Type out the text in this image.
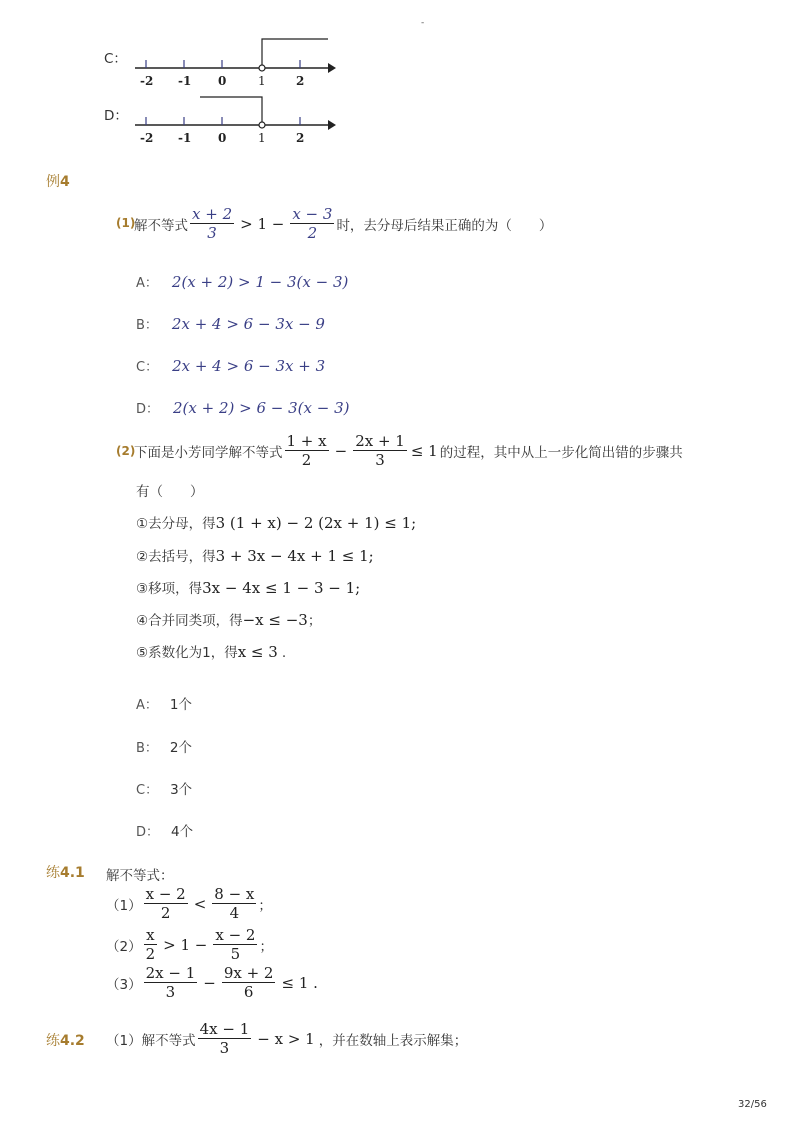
-
C：
-2 -1 0	1	2
D：
-2 -1 0	1	2
例4
(1)
解不等式 $\frac{x + 2}{3} > 1 - \frac{x - 3}{2}$ 时，去分母后结果正确的为（　　）
A： 2(x + 2) > 1 − 3(x − 3)
B： 2x + 4 > 6 − 3x − 9
C： 2x + 4 > 6 − 3x + 3
D： 2(x + 2) > 6 − 3(x − 3)
(2)
下面是小芳同学解不等式 $\frac{1 + x}{2} - \frac{2x + 1}{3} \le 1$ 的过程，其中从上一步化简出错的步骤共
有（　　）
①去分母，得3 (1 + x) − 2 (2x + 1) ≤ 1;
②去括号，得3 + 3x − 4x + 1 ≤ 1;
③移项，得3x − 4x ≤ 1 − 3 − 1;
④合并同类项，得−x ≤ −3；
⑤系数化为1，得x ≤ 3 .
A： 1个
B： 2个
C： 3个
D： 4个
练4.1 解不等式：
$(1) \frac{x - 2}{2} < \frac{8 - x}{4}$ ；
$(2) \frac{x}{2} > 1 - \frac{x - 2}{5}$ ；
$(3) \frac{2x - 1}{3} - \frac{9x + 2}{6} \le 1$ .
练4.2 （1） 解不等式 $\frac{4x - 1}{3} - x > 1$ ，并在数轴上表示解集；
32/56
